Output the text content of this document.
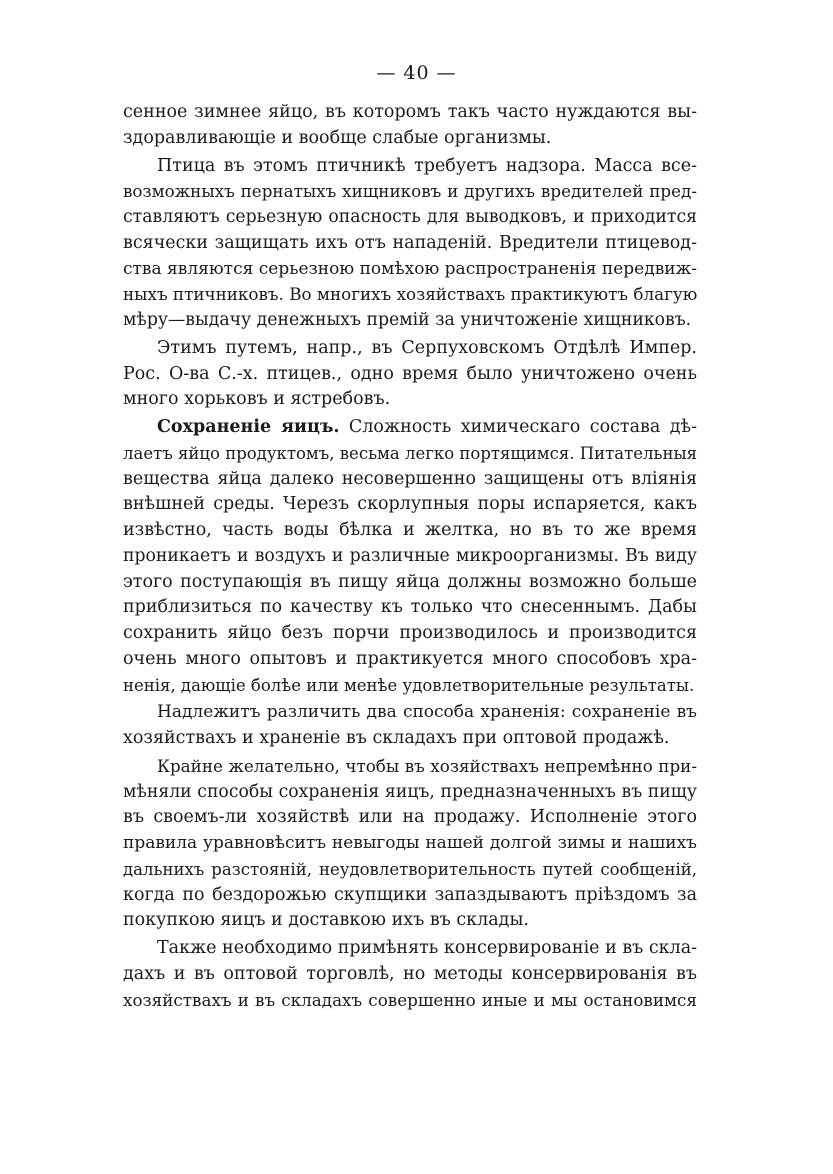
— 40 —
сенное зимнее яйцо, въ которомъ такъ часто нуждаются вы-
здоравливающіе и вообще слабые организмы.
Птица въ этомъ птичникѣ требуетъ надзора. Масса все-
возможныхъ пернатыхъ хищниковъ и другихъ вредителей пред-
ставляютъ серьезную опасность для выводковъ, и приходится
всячески защищать ихъ отъ нападеній. Вредители птицевод-
ства являются серьезною помѣхою распространенія передвиж-
ныхъ птичниковъ. Во многихъ хозяйствахъ практикуютъ благую
мѣру—выдачу денежныхъ премій за уничтоженіе хищниковъ.
Этимъ путемъ, напр., въ Серпуховскомъ Отдѣлѣ Импер.
Рос. О-ва С.-х. птицев., одно время было уничтожено очень
много хорьковъ и ястребовъ.
Сохраненіе яицъ. Сложность химическаго состава дѣ-
лаетъ яйцо продуктомъ, весьма легко портящимся. Питательныя
вещества яйца далеко несовершенно защищены отъ вліянія
внѣшней среды. Черезъ скорлупныя поры испаряется, какъ
извѣстно, часть воды бѣлка и желтка, но въ то же время
проникаетъ и воздухъ и различные микроорганизмы. Въ виду
этого поступающія въ пищу яйца должны возможно больше
приблизиться по качеству къ только что снесеннымъ. Дабы
сохранить яйцо безъ порчи производилось и производится
очень много опытовъ и практикуется много способовъ хра-
ненія, дающіе болѣе или менѣе удовлетворительные результаты.
Надлежитъ различить два способа храненія: сохраненіе въ
хозяйствахъ и храненіе въ складахъ при оптовой продажѣ.
Крайне желательно, чтобы въ хозяйствахъ непремѣнно при-
мѣняли способы сохраненія яицъ, предназначенныхъ въ пищу
въ своемъ-ли хозяйствѣ или на продажу. Исполненіе этого
правила уравновѣситъ невыгоды нашей долгой зимы и нашихъ
дальнихъ разстояній, неудовлетворительность путей сообщеній,
когда по бездорожью скупщики запаздываютъ пріѣздомъ за
покупкою яицъ и доставкою ихъ въ склады.
Также необходимо примѣнять консервированіе и въ скла-
дахъ и въ оптовой торговлѣ, но методы консервированія въ
хозяйствахъ и въ складахъ совершенно иные и мы остановимся
